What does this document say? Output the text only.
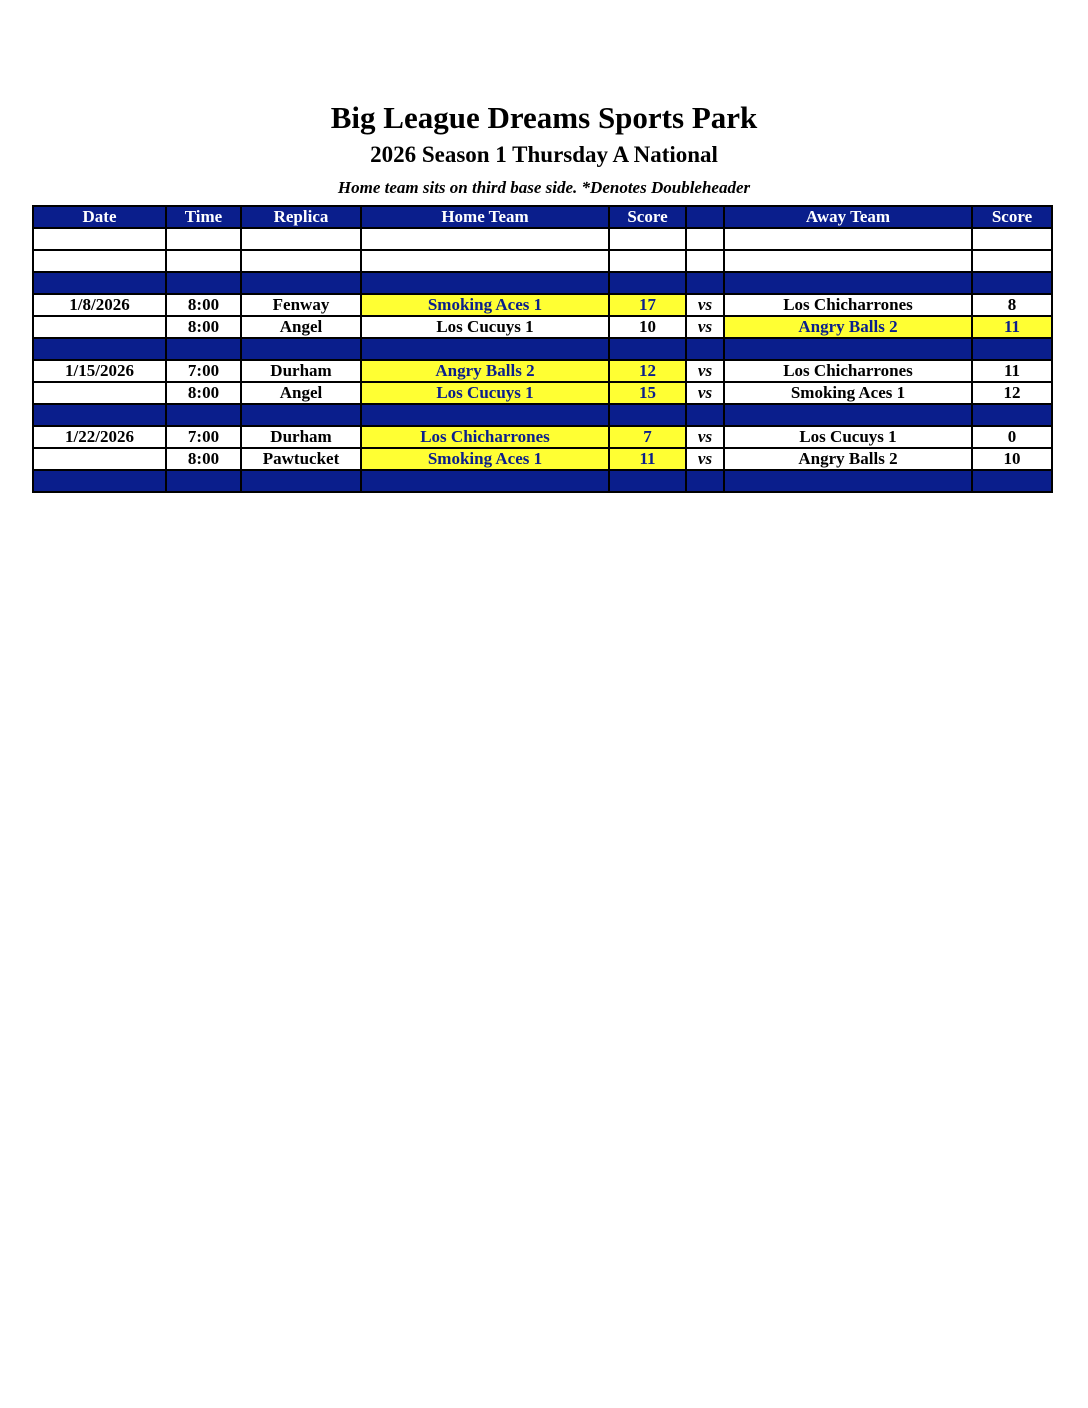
Big League Dreams Sports Park
2026 Season 1 Thursday A National
Home team sits on third base side. *Denotes Doubleheader
Date	Time	Replica	Home Team	Score		Away Team	Score

1/8/2026	8:00	Fenway	Smoking Aces 1	17	vs	Los Chicharrones	8
	8:00	Angel	Los Cucuys 1	10	vs	Angry Balls 2	11

1/15/2026	7:00	Durham	Angry Balls 2	12	vs	Los Chicharrones	11
	8:00	Angel	Los Cucuys 1	15	vs	Smoking Aces 1	12

1/22/2026	7:00	Durham	Los Chicharrones	7	vs	Los Cucuys 1	0
	8:00	Pawtucket	Smoking Aces 1	11	vs	Angry Balls 2	10
